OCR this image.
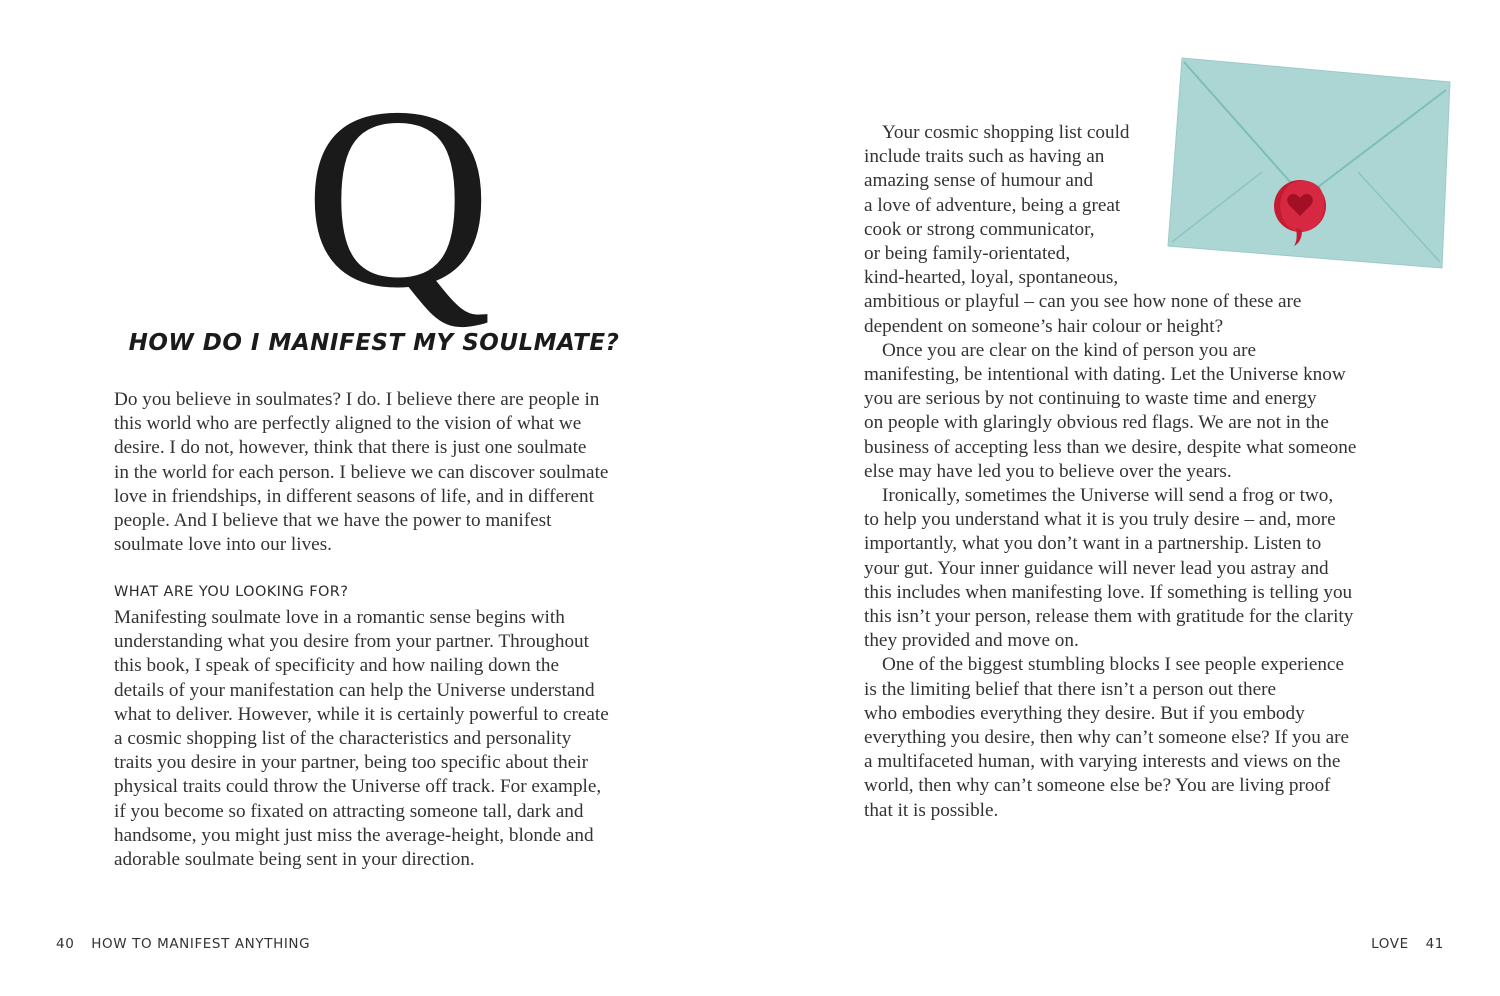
Q
HOW DO I MANIFEST MY SOULMATE?
Do you believe in soulmates? I do. I believe there are people in
this world who are perfectly aligned to the vision of what we
desire. I do not, however, think that there is just one soulmate
in the world for each person. I believe we can discover soulmate
love in friendships, in different seasons of life, and in different
people. And I believe that we have the power to manifest
soulmate love into our lives.
WHAT ARE YOU LOOKING FOR?
Manifesting soulmate love in a romantic sense begins with
understanding what you desire from your partner. Throughout
this book, I speak of specificity and how nailing down the
details of your manifestation can help the Universe understand
what to deliver. However, while it is certainly powerful to create
a cosmic shopping list of the characteristics and personality
traits you desire in your partner, being too specific about their
physical traits could throw the Universe off track. For example,
if you become so fixated on attracting someone tall, dark and
handsome, you might just miss the average-height, blonde and
adorable soulmate being sent in your direction.
Your cosmic shopping list could
include traits such as having an
amazing sense of humour and
a love of adventure, being a great
cook or strong communicator,
or being family-orientated,
kind-hearted, loyal, spontaneous,
ambitious or playful – can you see how none of these are
dependent on someone’s hair colour or height?
Once you are clear on the kind of person you are
manifesting, be intentional with dating. Let the Universe know
you are serious by not continuing to waste time and energy
on people with glaringly obvious red flags. We are not in the
business of accepting less than we desire, despite what someone
else may have led you to believe over the years.
Ironically, sometimes the Universe will send a frog or two,
to help you understand what it is you truly desire – and, more
importantly, what you don’t want in a partnership. Listen to
your gut. Your inner guidance will never lead you astray and
this includes when manifesting love. If something is telling you
this isn’t your person, release them with gratitude for the clarity
they provided and move on.
One of the biggest stumbling blocks I see people experience
is the limiting belief that there isn’t a person out there
who embodies everything they desire. But if you embody
everything you desire, then why can’t someone else? If you are
a multifaceted human, with varying interests and views on the
world, then why can’t someone else be? You are living proof
that it is possible.
40 HOW TO MANIFEST ANYTHING	LOVE 41
